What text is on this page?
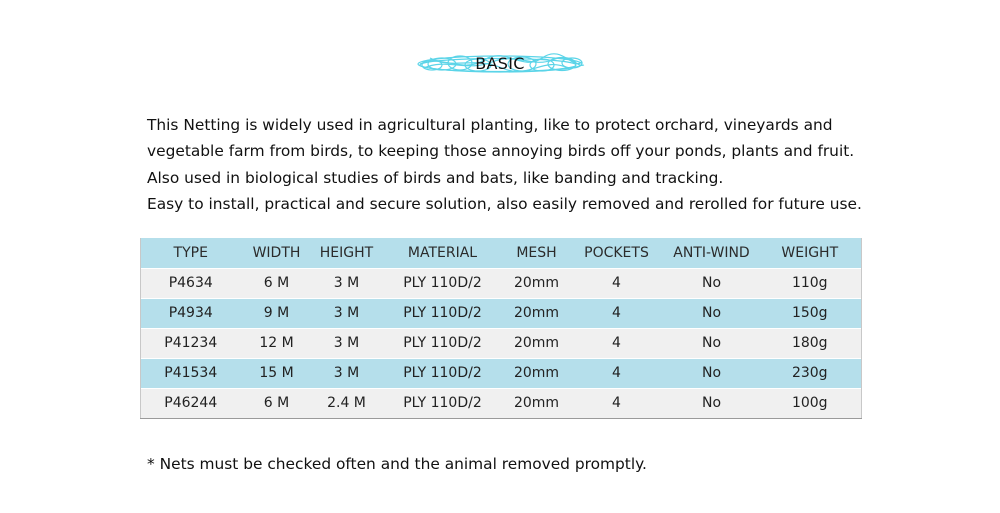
BASIC

This Netting is widely used in agricultural planting, like to protect orchard, vineyards and

vegetable farm from birds, to keeping those annoying birds off your ponds, plants and fruit.

Also used in biological studies of birds and bats, like banding and tracking.

Easy to install, practical and secure solution, also easily removed and rerolled for future use.

TYPE	WIDTH	HEIGHT	MATERIAL	MESH	POCKETS	ANTI-WIND	WEIGHT
P4634	6 M	3 M	PLY 110D/2	20mm	4	No	110g
P4934	9 M	3 M	PLY 110D/2	20mm	4	No	150g
P41234	12 M	3 M	PLY 110D/2	20mm	4	No	180g
P41534	15 M	3 M	PLY 110D/2	20mm	4	No	230g
P46244	6 M	2.4 M	PLY 110D/2	20mm	4	No	100g
* Nets must be checked often and the animal removed promptly.
